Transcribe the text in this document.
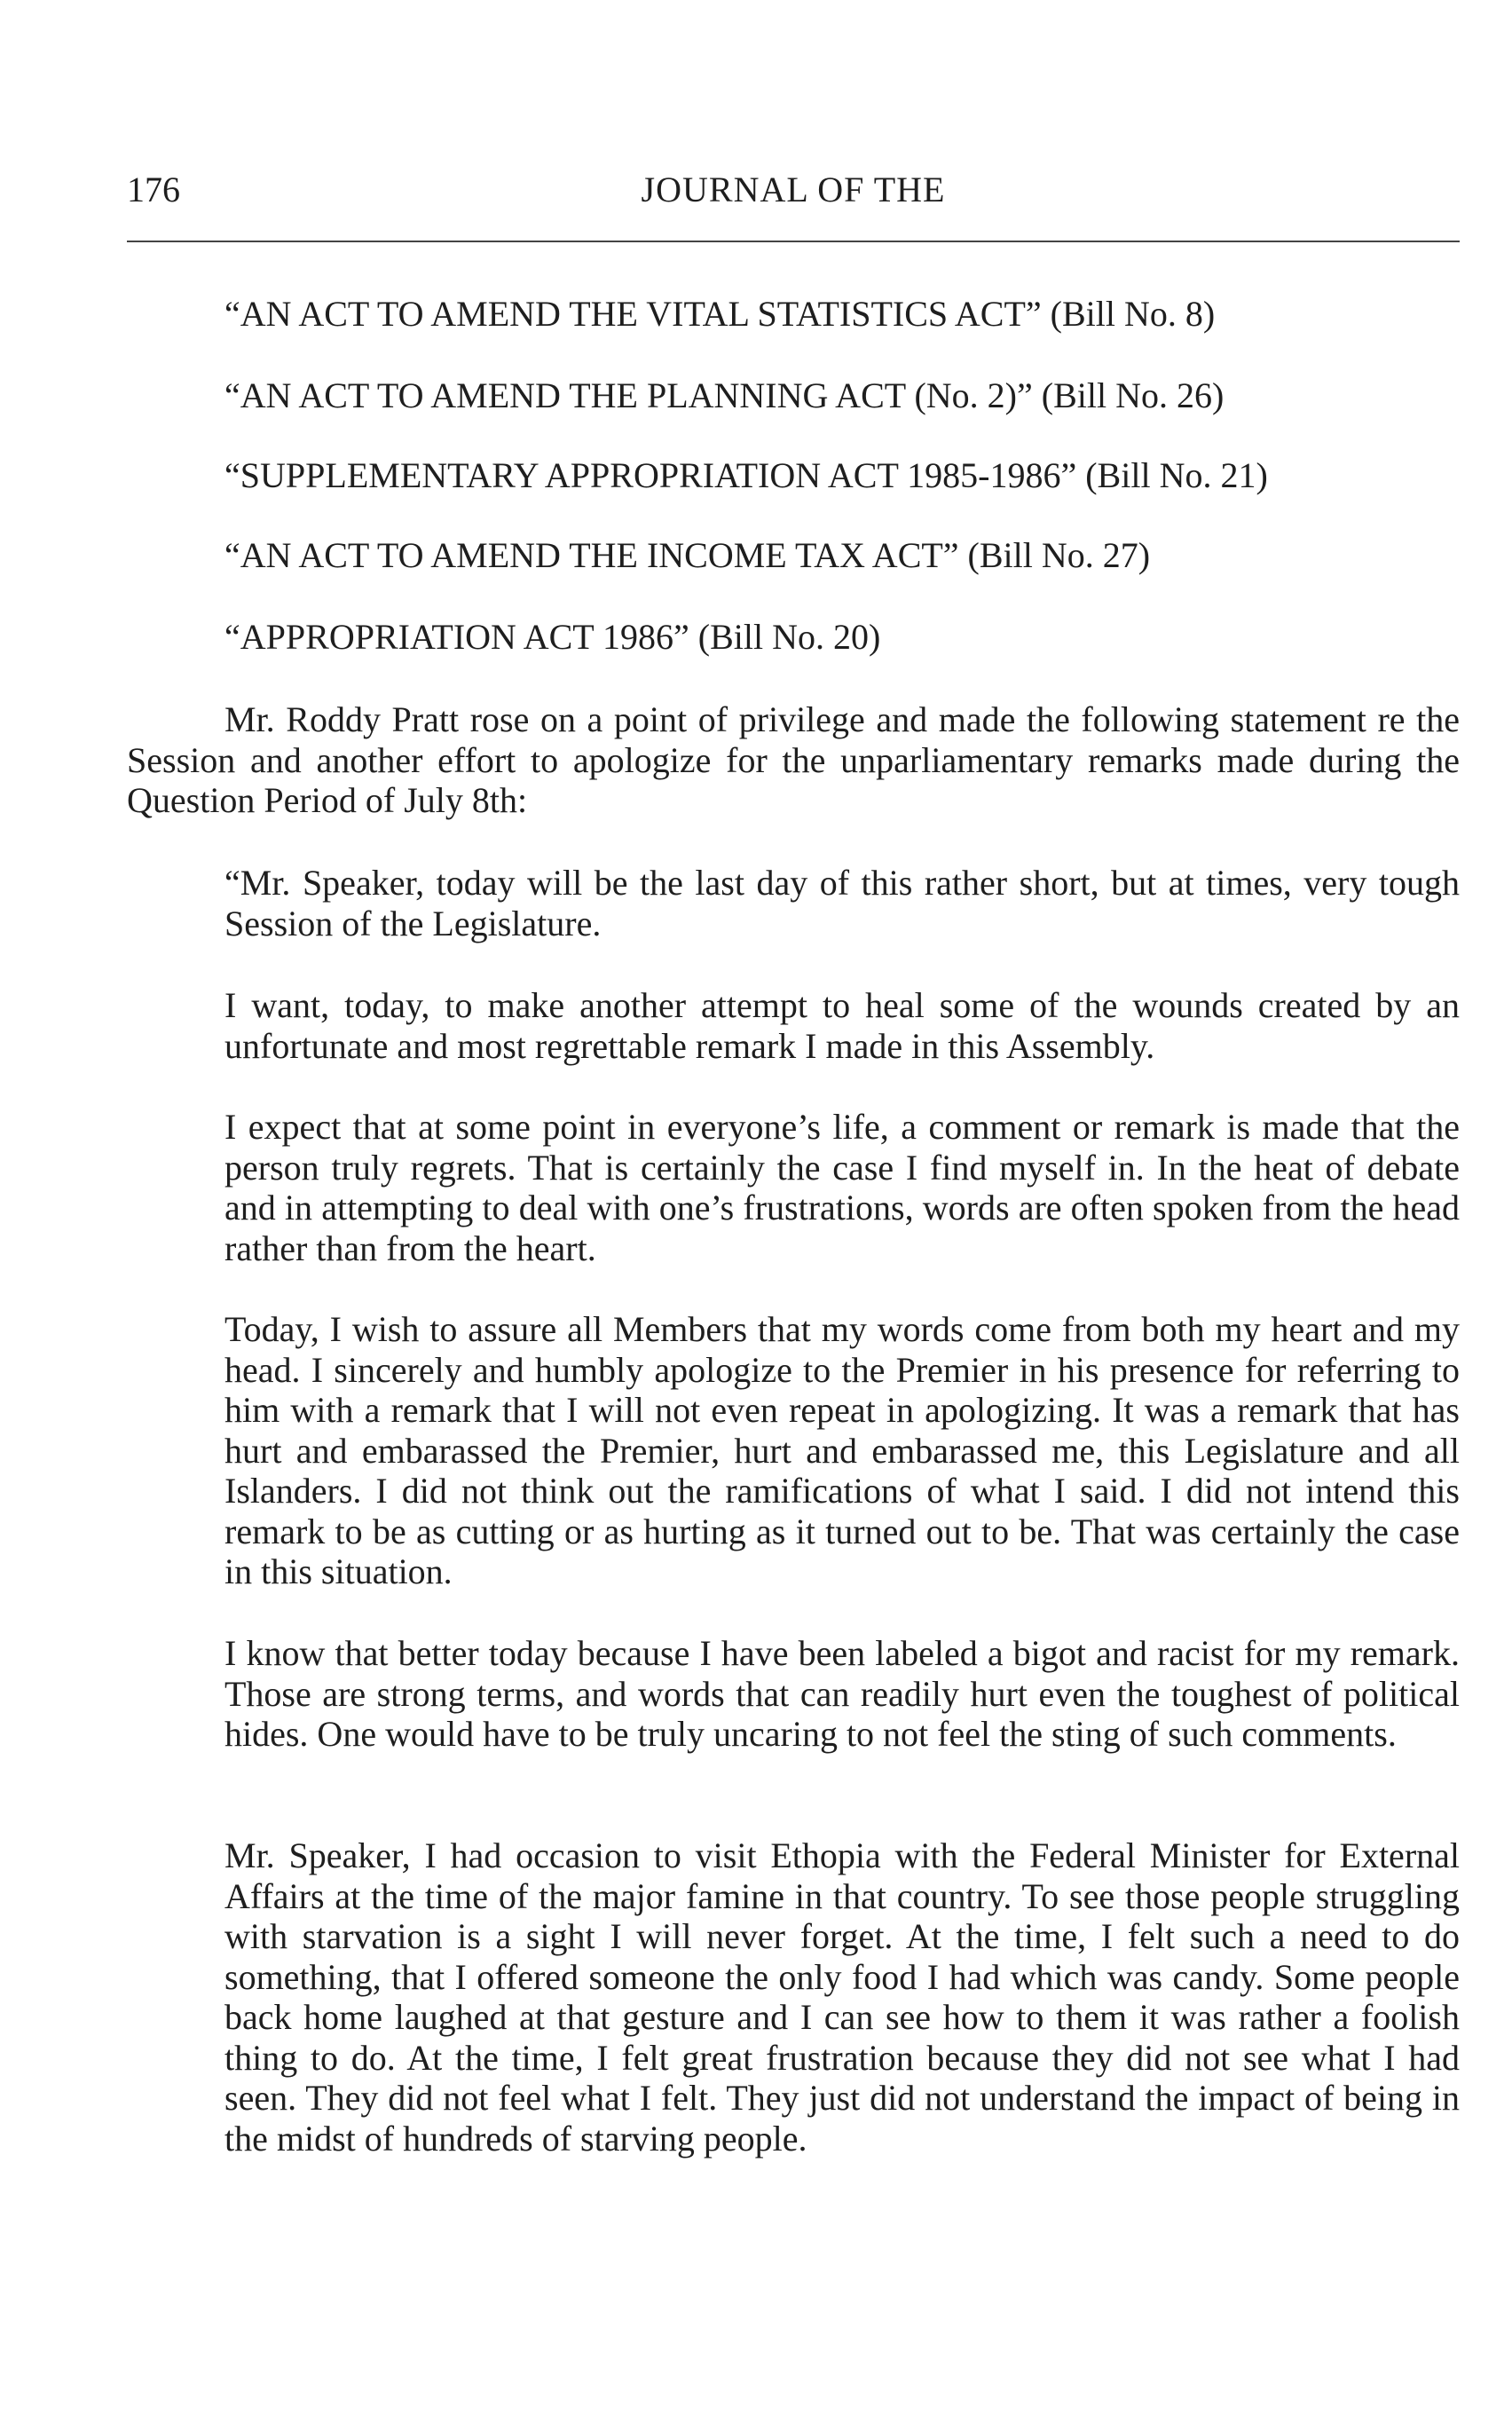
176	JOURNAL OF THE
“AN ACT TO AMEND THE VITAL STATISTICS ACT” (Bill No. 8)
“AN ACT TO AMEND THE PLANNING ACT (No. 2)” (Bill No. 26)
“SUPPLEMENTARY APPROPRIATION ACT 1985-1986” (Bill No. 21)
“AN ACT TO AMEND THE INCOME TAX ACT” (Bill No. 27)
“APPROPRIATION ACT 1986” (Bill No. 20)
Mr. Roddy Pratt rose on a point of privilege and made the following statement re the Session and another effort to apologize for the unparliamentary remarks made during the Question Period of July 8th:
“Mr. Speaker, today will be the last day of this rather short, but at times, very tough Session of the Legislature.
I want, today, to make another attempt to heal some of the wounds created by an unfortunate and most regrettable remark I made in this Assembly.
I expect that at some point in everyone’s life, a comment or remark is made that the person truly regrets. That is certainly the case I find myself in. In the heat of debate and in attempting to deal with one’s frustrations, words are often spoken from the head rather than from the heart.
Today, I wish to assure all Members that my words come from both my heart and my head. I sincerely and humbly apologize to the Premier in his presence for referring to him with a remark that I will not even repeat in apologizing. It was a remark that has hurt and embarassed the Premier, hurt and embarassed me, this Legislature and all Islanders. I did not think out the ramifications of what I said. I did not intend this remark to be as cutting or as hurting as it turned out to be. That was certainly the case in this situation.
I know that better today because I have been labeled a bigot and racist for my remark. Those are strong terms, and words that can readily hurt even the toughest of political hides. One would have to be truly uncaring to not feel the sting of such comments.
Mr. Speaker, I had occasion to visit Ethopia with the Federal Minister for External Affairs at the time of the major famine in that country. To see those people struggling with starvation is a sight I will never forget. At the time, I felt such a need to do something, that I offered someone the only food I had which was candy. Some people back home laughed at that gesture and I can see how to them it was rather a foolish thing to do. At the time, I felt great frustration because they did not see what I had seen. They did not feel what I felt. They just did not understand the impact of being in the midst of hundreds of starving people.
